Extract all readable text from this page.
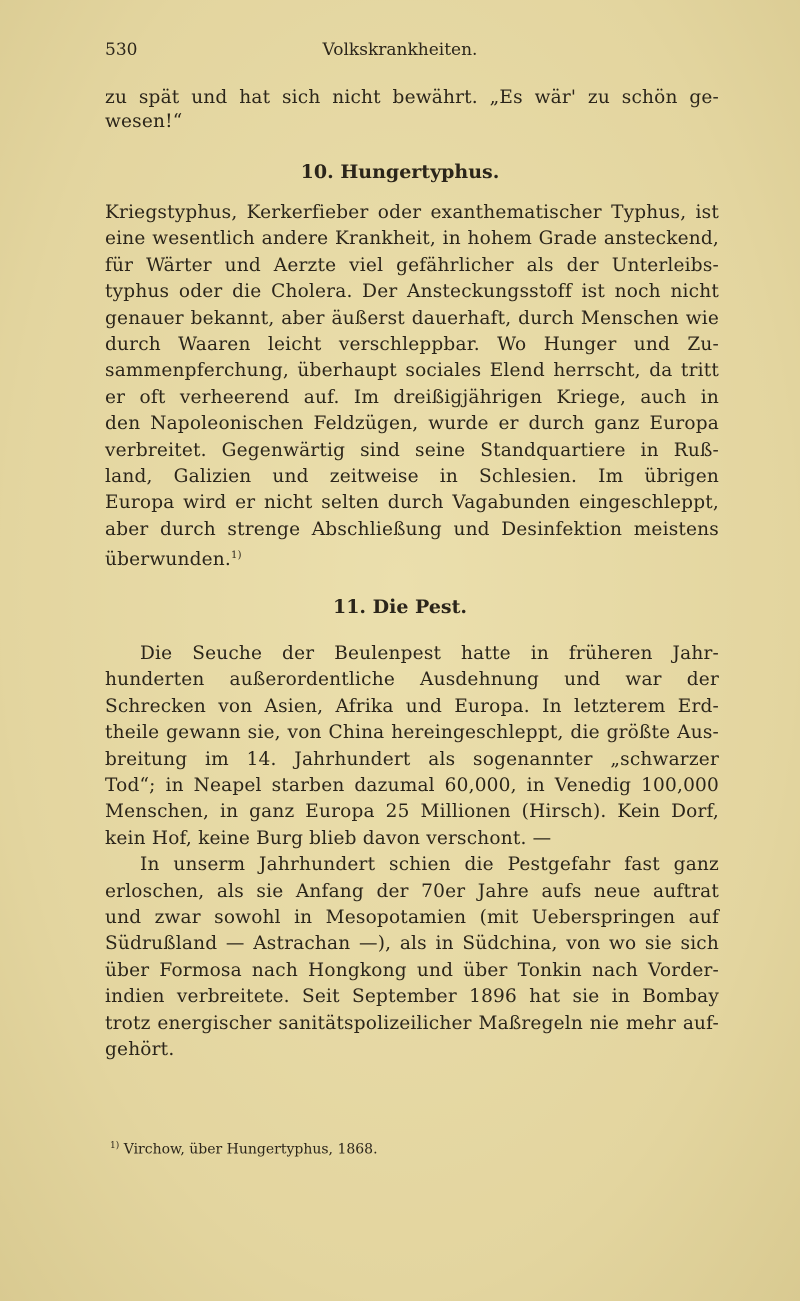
530	Volkskrankheiten.
zu spät und hat sich nicht bewährt. „Es wär' zu schön ge-
wesen!“
10. Hungertyphus.
Kriegstyphus, Kerkerfieber oder exanthematischer Typhus, ist
eine wesentlich andere Krankheit, in hohem Grade ansteckend,
für Wärter und Aerzte viel gefährlicher als der Unterleibs-
typhus oder die Cholera. Der Ansteckungsstoff ist noch nicht
genauer bekannt, aber äußerst dauerhaft, durch Menschen wie
durch Waaren leicht verschleppbar. Wo Hunger und Zu-
sammenpferchung, überhaupt sociales Elend herrscht, da tritt
er oft verheerend auf. Im dreißigjährigen Kriege, auch in
den Napoleonischen Feldzügen, wurde er durch ganz Europa
verbreitet. Gegenwärtig sind seine Standquartiere in Ruß-
land, Galizien und zeitweise in Schlesien. Im übrigen
Europa wird er nicht selten durch Vagabunden eingeschleppt,
aber durch strenge Abschließung und Desinfektion meistens
überwunden.$^{1)}$
11. Die Pest.
Die Seuche der Beulenpest hatte in früheren Jahr-
hunderten außerordentliche Ausdehnung und war der
Schrecken von Asien, Afrika und Europa. In letzterem Erd-
theile gewann sie, von China hereingeschleppt, die größte Aus-
breitung im 14. Jahrhundert als sogenannter „schwarzer
Tod“; in Neapel starben dazumal 60,000, in Venedig 100,000
Menschen, in ganz Europa 25 Millionen (Hirsch). Kein Dorf,
kein Hof, keine Burg blieb davon verschont. —
In unserm Jahrhundert schien die Pestgefahr fast ganz
erloschen, als sie Anfang der 70er Jahre aufs neue auftrat
und zwar sowohl in Mesopotamien (mit Ueberspringen auf
Südrußland — Astrachan —), als in Südchina, von wo sie sich
über Formosa nach Hongkong und über Tonkin nach Vorder-
indien verbreitete. Seit September 1896 hat sie in Bombay
trotz energischer sanitätspolizeilicher Maßregeln nie mehr auf-
gehört.
$^{1)}$ Virchow, über Hungertyphus, 1868.
